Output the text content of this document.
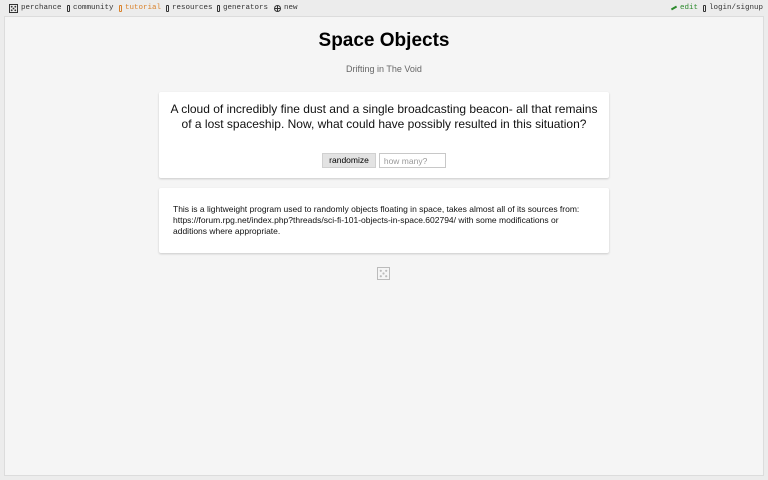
perchance community tutorial resources generators new	edit login/signup
Space Objects
Drifting in The Void
A cloud of incredibly fine dust and a single broadcasting beacon- all that remains of a lost spaceship. Now, what could have possibly resulted in this situation?
randomize
how many?
This is a lightweight program used to randomly objects floating in space, takes almost all of its sources from: https://forum.rpg.net/index.php?threads/sci-fi-101-objects-in-space.602794/ with some modifications or additions where appropriate.
